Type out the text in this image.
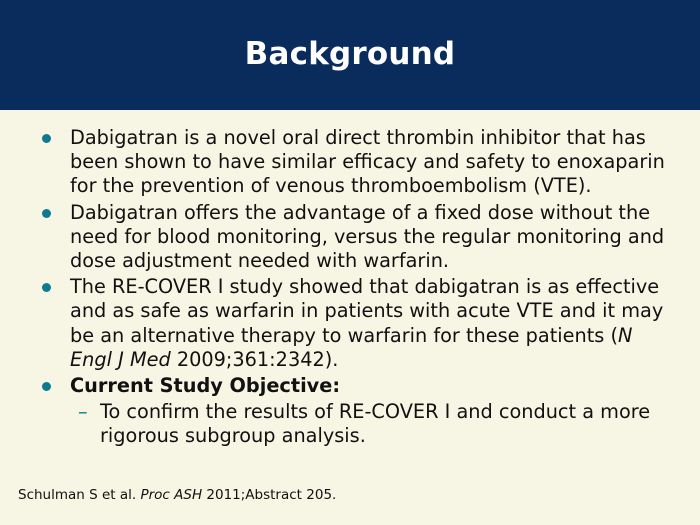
Background
Dabigatran is a novel oral direct thrombin inhibitor that has been shown to have similar efficacy and safety to enoxaparin for the prevention of venous thromboembolism (VTE).
Dabigatran offers the advantage of a fixed dose without the need for blood monitoring, versus the regular monitoring and dose adjustment needed with warfarin.
The RE-COVER I study showed that dabigatran is as effective and as safe as warfarin in patients with acute VTE and it may be an alternative therapy to warfarin for these patients (N Engl J Med 2009;361:2342).
Current Study Objective:
– To confirm the results of RE-COVER I and conduct a more rigorous subgroup analysis.
Schulman S et al. Proc ASH 2011;Abstract 205.
